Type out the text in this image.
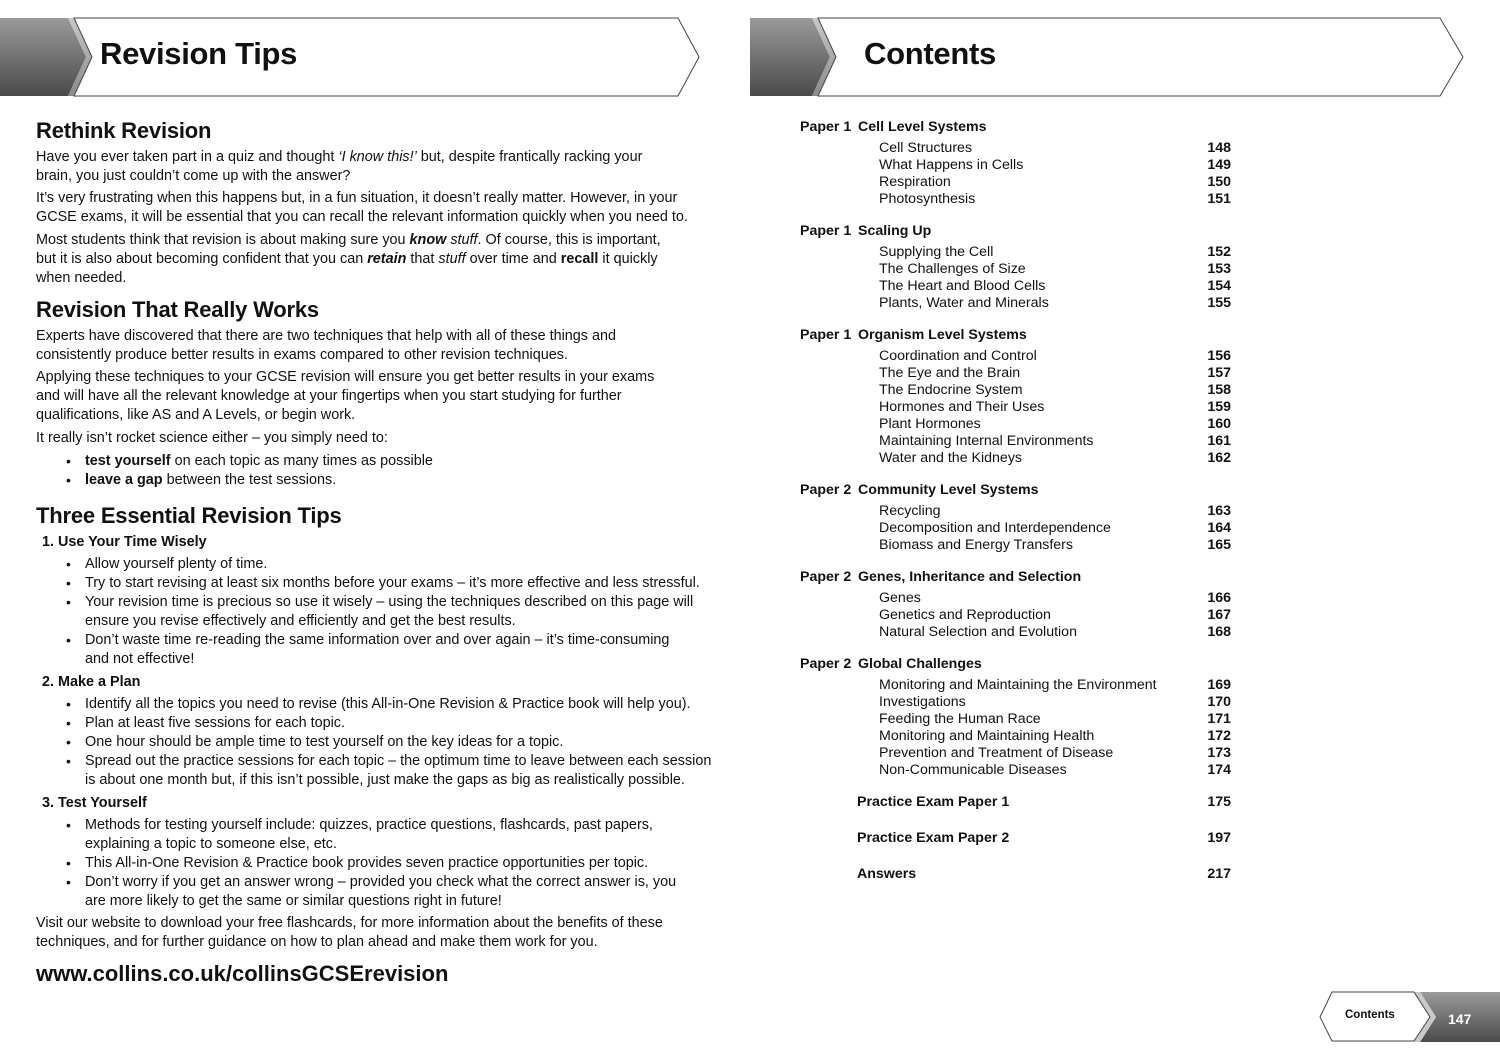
Revision Tips	Contents
Rethink Revision
Have you ever taken part in a quiz and thought ‘I know this!’ but, despite frantically racking your
brain, you just couldn’t come up with the answer?
It’s very frustrating when this happens but, in a fun situation, it doesn’t really matter. However, in your
GCSE exams, it will be essential that you can recall the relevant information quickly when you need to.
Most students think that revision is about making sure you know stuff. Of course, this is important,
but it is also about becoming confident that you can retain that stuff over time and recall it quickly
when needed.
Revision That Really Works
Experts have discovered that there are two techniques that help with all of these things and
consistently produce better results in exams compared to other revision techniques.
Applying these techniques to your GCSE revision will ensure you get better results in your exams
and will have all the relevant knowledge at your fingertips when you start studying for further
qualifications, like AS and A Levels, or begin work.
It really isn’t rocket science either – you simply need to:
• test yourself on each topic as many times as possible
• leave a gap between the test sessions.
Three Essential Revision Tips
1. Use Your Time Wisely
• Allow yourself plenty of time.
• Try to start revising at least six months before your exams – it’s more effective and less stressful.
• Your revision time is precious so use it wisely – using the techniques described on this page will
ensure you revise effectively and efficiently and get the best results.
• Don’t waste time re-reading the same information over and over again – it’s time-consuming
and not effective!
2. Make a Plan
• Identify all the topics you need to revise (this All-in-One Revision & Practice book will help you).
• Plan at least five sessions for each topic.
• One hour should be ample time to test yourself on the key ideas for a topic.
• Spread out the practice sessions for each topic – the optimum time to leave between each session
is about one month but, if this isn’t possible, just make the gaps as big as realistically possible.
3. Test Yourself
• Methods for testing yourself include: quizzes, practice questions, flashcards, past papers,
explaining a topic to someone else, etc.
• This All-in-One Revision & Practice book provides seven practice opportunities per topic.
• Don’t worry if you get an answer wrong – provided you check what the correct answer is, you
are more likely to get the same or similar questions right in future!
Visit our website to download your free flashcards, for more information about the benefits of these
techniques, and for further guidance on how to plan ahead and make them work for you.
www.collins.co.uk/collinsGCSErevision
Paper 1 Cell Level Systems
Cell Structures	148
What Happens in Cells	149
Respiration	150
Photosynthesis	151
Paper 1 Scaling Up
Supplying the Cell	152
The Challenges of Size	153
The Heart and Blood Cells	154
Plants, Water and Minerals	155
Paper 1 Organism Level Systems
Coordination and Control	156
The Eye and the Brain	157
The Endocrine System	158
Hormones and Their Uses	159
Plant Hormones	160
Maintaining Internal Environments	161
Water and the Kidneys	162
Paper 2 Community Level Systems
Recycling	163
Decomposition and Interdependence	164
Biomass and Energy Transfers	165
Paper 2 Genes, Inheritance and Selection
Genes	166
Genetics and Reproduction	167
Natural Selection and Evolution	168
Paper 2 Global Challenges
Monitoring and Maintaining the Environment	169
Investigations	170
Feeding the Human Race	171
Monitoring and Maintaining Health	172
Prevention and Treatment of Disease	173
Non-Communicable Diseases	174
Practice Exam Paper 1	175
Practice Exam Paper 2	197
Answers	217
Contents	147
